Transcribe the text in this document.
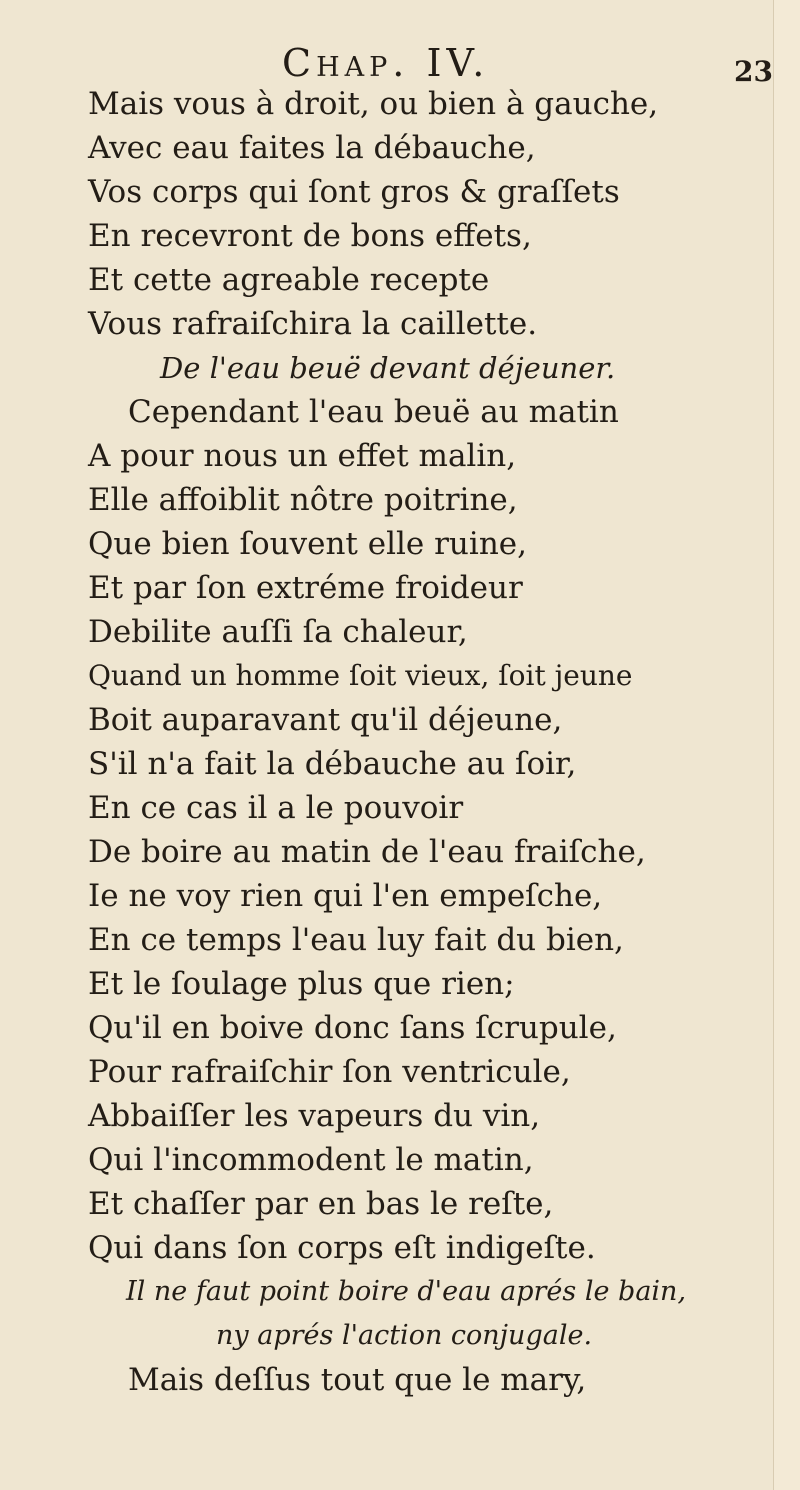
Chap. IV.	23
Mais vous à droit, ou bien à gauche,
Avec eau faites la débauche,
Vos corps qui ſont gros & graſſets
En recevront de bons effets,
Et cette agreable recepte
Vous rafraiſchira la caillette.
De l'eau beuë devant déjeuner.
Cependant l'eau beuë au matin
A pour nous un effet malin,
Elle affoiblit nôtre poitrine,
Que bien ſouvent elle ruine,
Et par ſon extréme froideur
Debilite auſſi ſa chaleur,
Quand un homme ſoit vieux, ſoit jeune
Boit auparavant qu'il déjeune,
S'il n'a fait la débauche au ſoir,
En ce cas il a le pouvoir
De boire au matin de l'eau fraiſche,
Ie ne voy rien qui l'en empeſche,
En ce temps l'eau luy fait du bien,
Et le ſoulage plus que rien;
Qu'il en boive donc ſans ſcrupule,
Pour rafraiſchir ſon ventricule,
Abbaiſſer les vapeurs du vin,
Qui l'incommodent le matin,
Et chaſſer par en bas le reſte,
Qui dans ſon corps eſt indigeſte.
Il ne faut point boire d'eau aprés le bain,
ny aprés l'action conjugale.
Mais deſſus tout que le mary,
